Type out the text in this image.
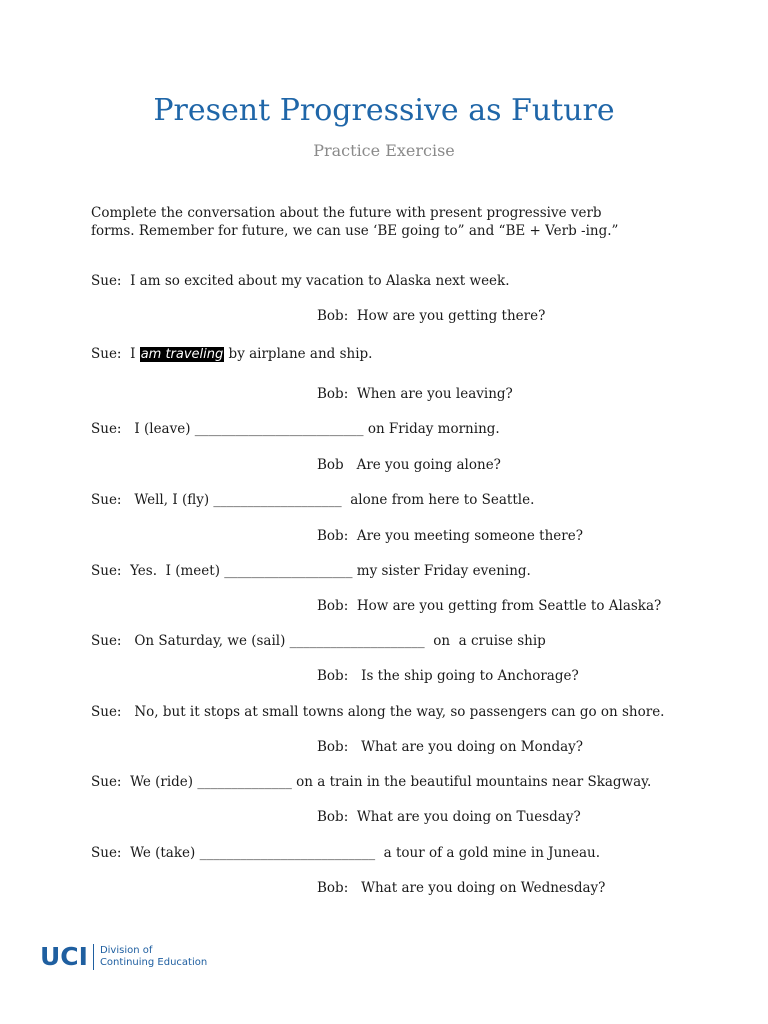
Present Progressive as Future
Practice Exercise
Complete the conversation about the future with present progressive verb
forms. Remember for future, we can use ‘BE going to” and “BE + Verb -ing.”
Sue:  I am so excited about my vacation to Alaska next week.
Bob:  How are you getting there?
Sue:  I am traveling by airplane and ship.
Bob:  When are you leaving?
Sue:   I (leave) _________________________ on Friday morning.
Bob   Are you going alone?
Sue:   Well, I (fly) ___________________  alone from here to Seattle.
Bob:  Are you meeting someone there?
Sue:  Yes.  I (meet) ___________________ my sister Friday evening.
Bob:  How are you getting from Seattle to Alaska?
Sue:   On Saturday, we (sail) ____________________  on  a cruise ship
Bob:   Is the ship going to Anchorage?
Sue:   No, but it stops at small towns along the way, so passengers can go on shore.
Bob:   What are you doing on Monday?
Sue:  We (ride) ______________ on a train in the beautiful mountains near Skagway.
Bob:  What are you doing on Tuesday?
Sue:  We (take) __________________________  a tour of a gold mine in Juneau.
Bob:   What are you doing on Wednesday?
UCI Division of
Continuing Education
